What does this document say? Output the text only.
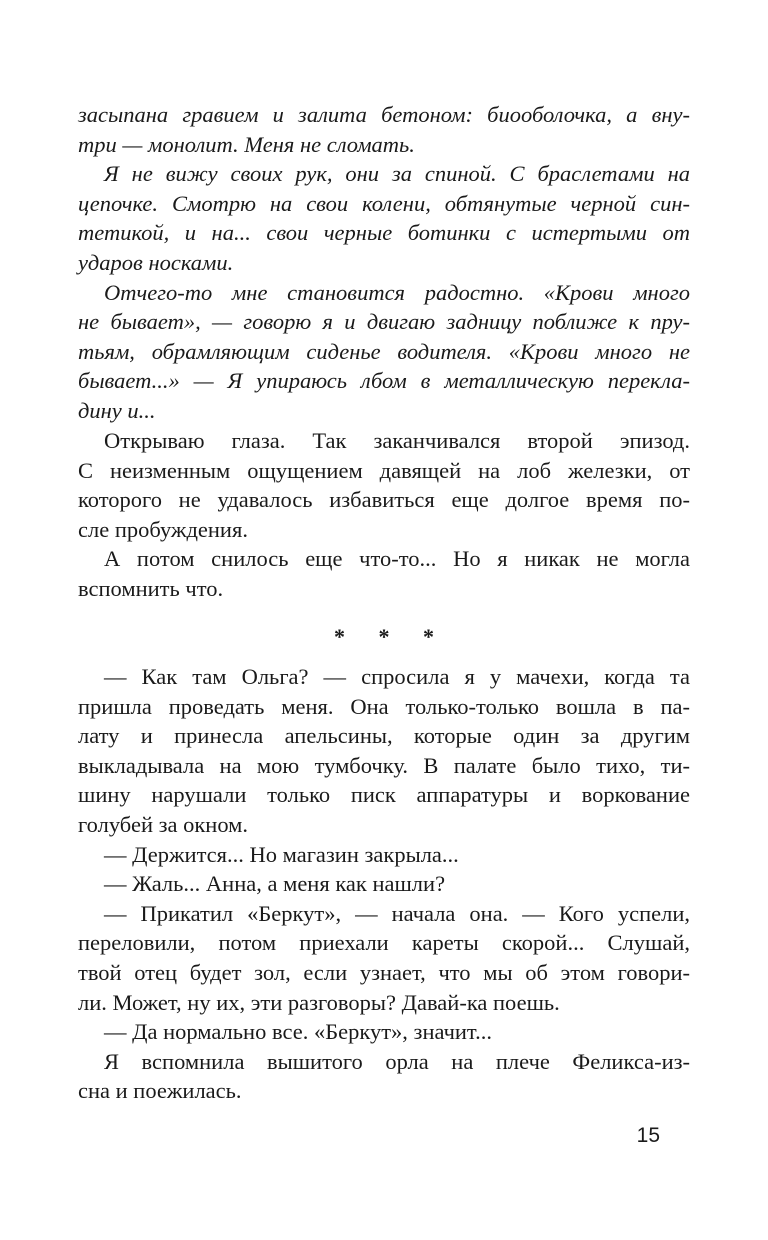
засыпана гравием и залита бетоном: биооболочка, а вну-
три — монолит. Меня не сломать.
Я не вижу своих рук, они за спиной. С браслетами на
цепочке. Смотрю на свои колени, обтянутые черной син-
тетикой, и на... свои черные ботинки с истертыми от
ударов носками.
Отчего-то мне становится радостно. «Крови много
не бывает», — говорю я и двигаю задницу поближе к пру-
тьям, обрамляющим сиденье водителя. «Крови много не
бывает...» — Я упираюсь лбом в металлическую перекла-
дину и...
Открываю глаза. Так заканчивался второй эпизод.
С неизменным ощущением давящей на лоб железки, от
которого не удавалось избавиться еще долгое время по-
сле пробуждения.
А потом снилось еще что-то... Но я никак не могла
вспомнить что.
* * *
— Как там Ольга? — спросила я у мачехи, когда та
пришла проведать меня. Она только-только вошла в па-
лату и принесла апельсины, которые один за другим
выкладывала на мою тумбочку. В палате было тихо, ти-
шину нарушали только писк аппаратуры и воркование
голубей за окном.
— Держится... Но магазин закрыла...
— Жаль... Анна, а меня как нашли?
— Прикатил «Беркут», — начала она. — Кого успели,
переловили, потом приехали кареты скорой... Слушай,
твой отец будет зол, если узнает, что мы об этом говори-
ли. Может, ну их, эти разговоры? Давай-ка поешь.
— Да нормально все. «Беркут», значит...
Я вспомнила вышитого орла на плече Феликса-из-
сна и поежилась.
15
